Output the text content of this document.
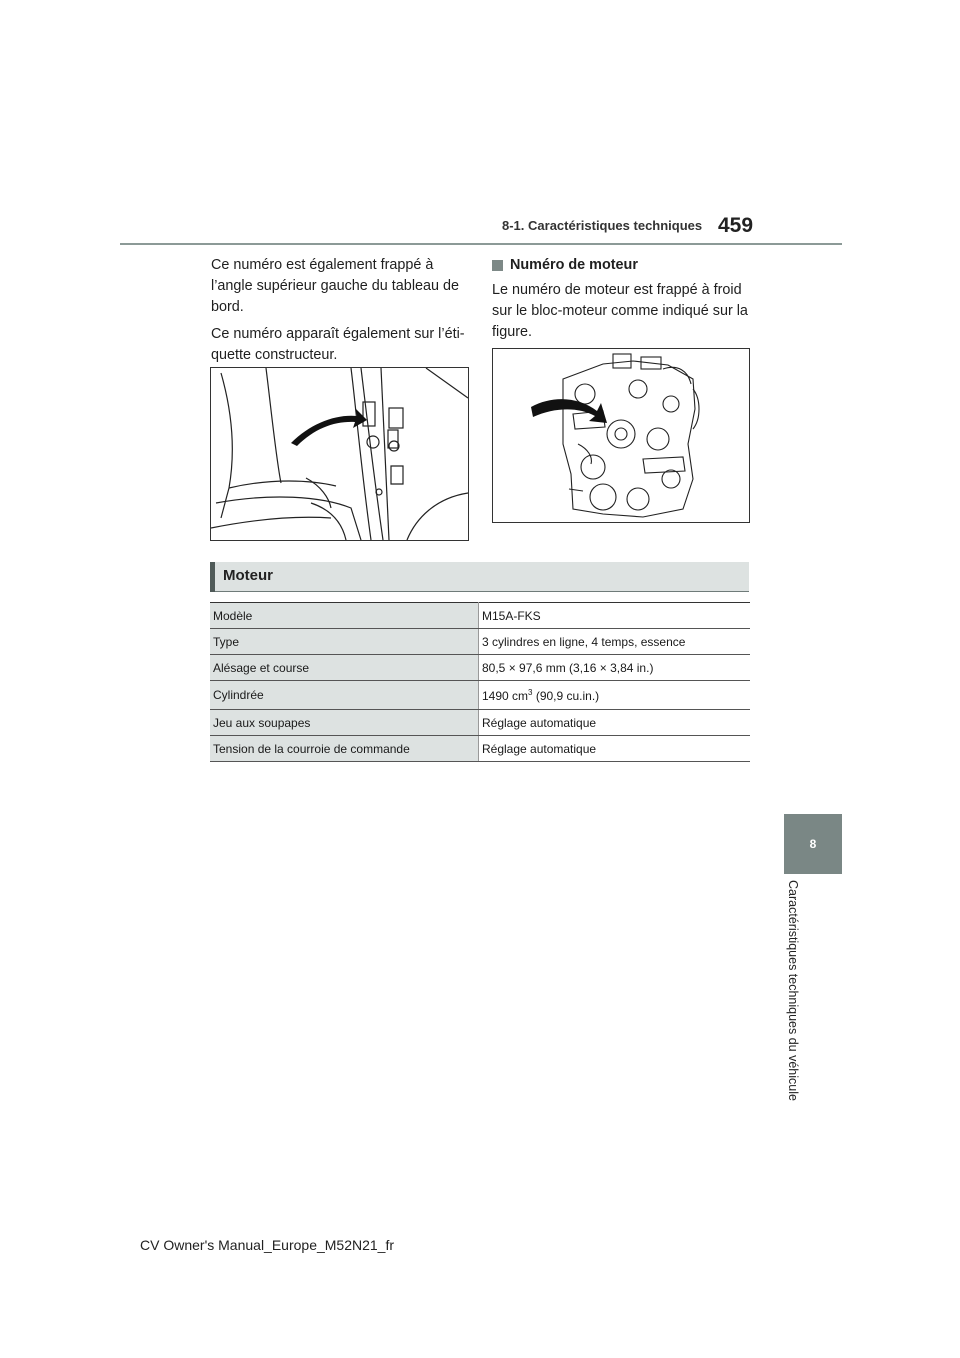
8-1. Caractéristiques techniques 459

Ce numéro est également frappé à l’angle supérieur gauche du tableau de bord.

Ce numéro apparaît également sur l’éti-quette constructeur.

Numéro de moteur

Le numéro de moteur est frappé à froid sur le bloc-moteur comme indiqué sur la figure.

Moteur
Modèle	M15A-FKS
Type	3 cylindres en ligne, 4 temps, essence
Alésage et course	80,5 × 97,6 mm (3,16 × 3,84 in.)
Cylindrée	1490 $cm^3$ (90,9 cu.in.)
Jeu aux soupapes	Réglage automatique
Tension de la courroie de commande	Réglage automatique
8
Caractéristiques techniques du véhicule
CV Owner's Manual_Europe_M52N21_fr
